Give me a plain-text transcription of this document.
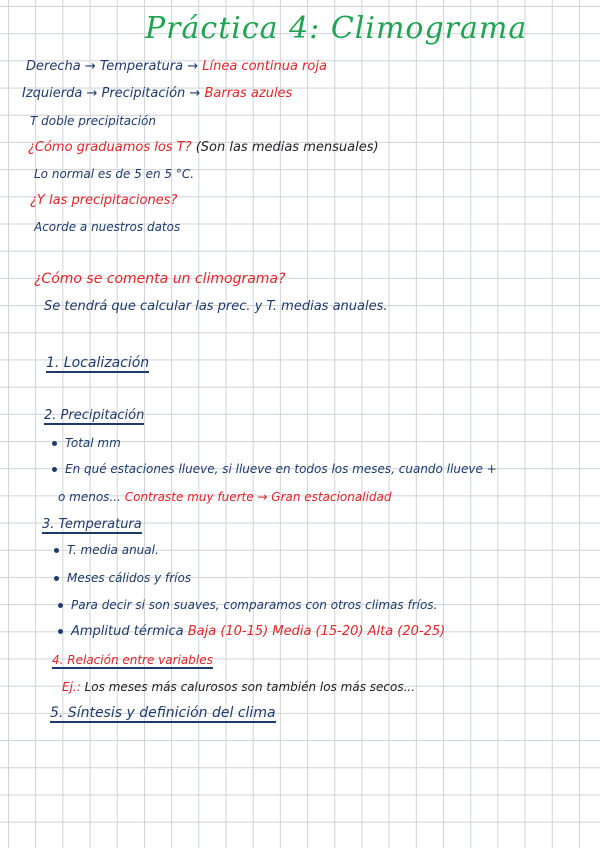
Práctica 4: Climograma
Derecha → Temperatura → Línea continua roja
Izquierda → Precipitación → Barras azules
T doble precipitación
¿Cómo graduamos los T? (Son las medias mensuales)
Lo normal es de 5 en 5 °C.
¿Y las precipitaciones?
Acorde a nuestros datos
¿Cómo se comenta un climograma?
Se tendrá que calcular las prec. y T. medias anuales.
1. Localización
2. Precipitación
Total mm
En qué estaciones llueve, si llueve en todos los meses, cuando llueve +
o menos... Contraste muy fuerte → Gran estacionalidad
3. Temperatura
T. media anual.
Meses cálidos y fríos
Para decir si son suaves, comparamos con otros climas fríos.
Amplitud térmica Baja (10-15) Media (15-20) Alta (20-25)
4. Relación entre variables
Ej.: Los meses más calurosos son también los más secos...
5. Síntesis y definición del clima
